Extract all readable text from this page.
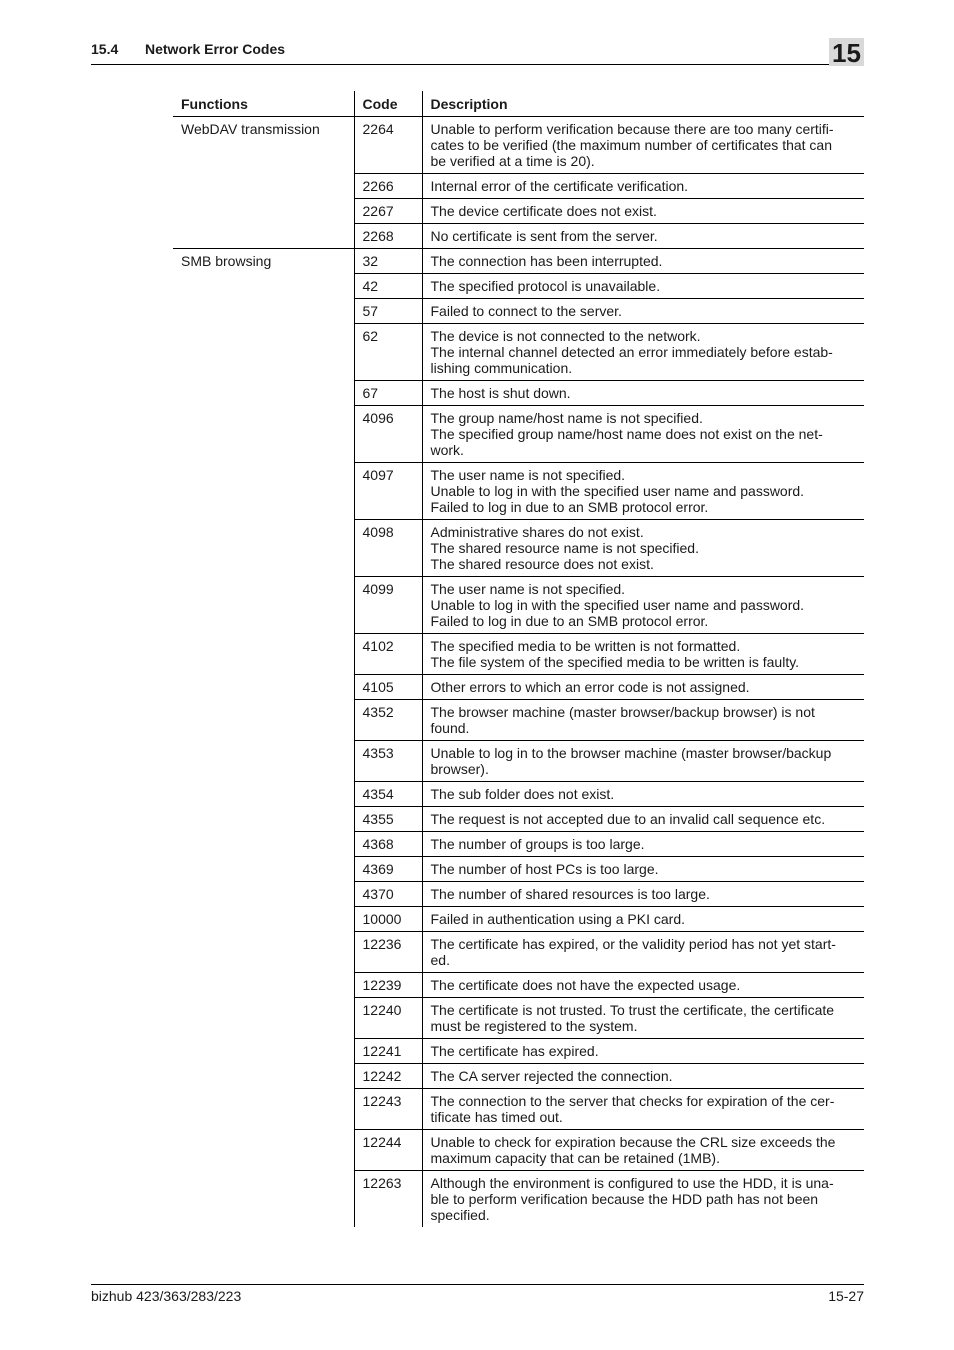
15.4 Network Error Codes	15
Functions	Code	Description
WebDAV transmission	2264	Unable to perform verification because there are too many certifi-
cates to be verified (the maximum number of certificates that can
be verified at a time is 20).

	2266	Internal error of the certificate verification.

	2267	The device certificate does not exist.

	2268	No certificate is sent from the server.

SMB browsing	32	The connection has been interrupted.

	42	The specified protocol is unavailable.

	57	Failed to connect to the server.

	62	The device is not connected to the network.
The internal channel detected an error immediately before estab-
lishing communication.

	67	The host is shut down.

	4096	The group name/host name is not specified.
The specified group name/host name does not exist on the net-
work.

	4097	The user name is not specified.
Unable to log in with the specified user name and password.
Failed to log in due to an SMB protocol error.

	4098	Administrative shares do not exist.
The shared resource name is not specified.
The shared resource does not exist.

	4099	The user name is not specified.
Unable to log in with the specified user name and password.
Failed to log in due to an SMB protocol error.

	4102	The specified media to be written is not formatted.
The file system of the specified media to be written is faulty.

	4105	Other errors to which an error code is not assigned.

	4352	The browser machine (master browser/backup browser) is not
found.

	4353	Unable to log in to the browser machine (master browser/backup
browser).

	4354	The sub folder does not exist.

	4355	The request is not accepted due to an invalid call sequence etc.

	4368	The number of groups is too large.

	4369	The number of host PCs is too large.

	4370	The number of shared resources is too large.

	10000	Failed in authentication using a PKI card.

	12236	The certificate has expired, or the validity period has not yet start-
ed.

	12239	The certificate does not have the expected usage.

	12240	The certificate is not trusted. To trust the certificate, the certificate
must be registered to the system.

	12241	The certificate has expired.

	12242	The CA server rejected the connection.

	12243	The connection to the server that checks for expiration of the cer-
tificate has timed out.

	12244	Unable to check for expiration because the CRL size exceeds the
maximum capacity that can be retained (1MB).

	12263	Although the environment is configured to use the HDD, it is una-
ble to perform verification because the HDD path has not been
specified.
bizhub 423/363/283/223	15-27
